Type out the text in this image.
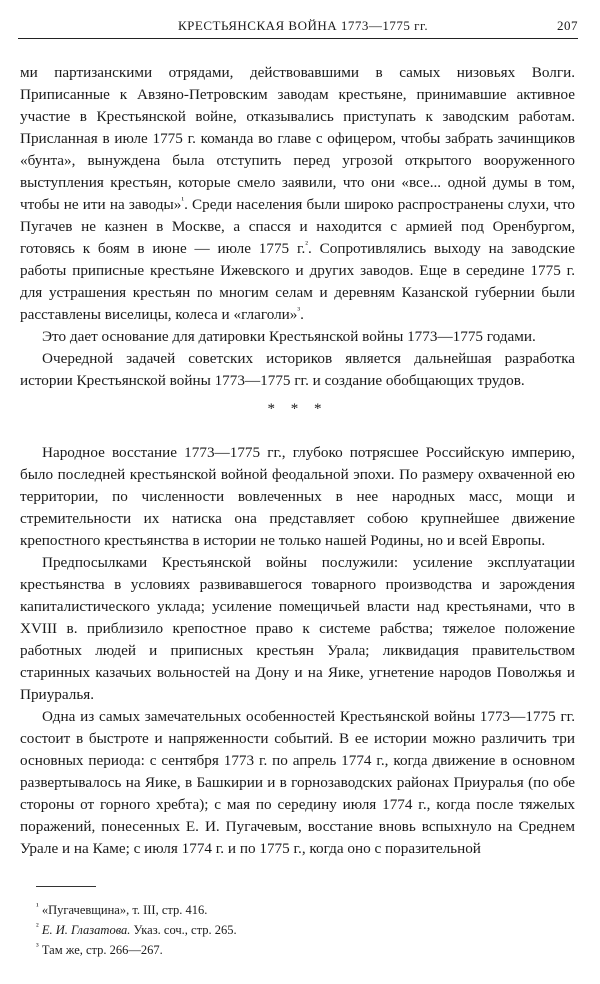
КРЕСТЬЯНСКАЯ ВОЙНА 1773—1775 гг.	207

ми партизанскими отрядами, действовавшими в самых низовьях Волги. Приписанные к Авзяно-Петровским заводам крестьяне, принимавшие активное участие в Крестьянской войне, отказывались приступать к заводским работам. Присланная в июле 1775 г. команда во главе с офицером, чтобы забрать зачинщиков «бунта», вынуждена была отступить перед угрозой открытого вооруженного выступления крестьян, которые смело заявили, что они «все... одной думы в том, чтобы не ити на заводы»$^{^1}$. Среди населения были широко распространены слухи, что Пугачев не казнен в Москве, а спасся и находится с армией под Оренбургом, готовясь к боям в июне — июле 1775 г.$^{^2}$. Сопротивлялись выходу на заводские работы приписные крестьяне Ижевского и других заводов. Еще в середине 1775 г. для устрашения крестьян по многим селам и деревням Казанской губернии были расставлены виселицы, колеса и «глаголи»$^{^3}$.

Это дает основание для датировки Крестьянской войны 1773—1775 годами.

Очередной задачей советских историков является дальнейшая разработка истории Крестьянской войны 1773—1775 гг. и создание обобщающих трудов.

* * *

Народное восстание 1773—1775 гг., глубоко потрясшее Российскую империю, было последней крестьянской войной феодальной эпохи. По размеру охваченной ею территории, по численности вовлеченных в нее народных масс, мощи и стремительности их натиска она представляет собою крупнейшее движение крепостного крестьянства в истории не только нашей Родины, но и всей Европы.

Предпосылками Крестьянской войны послужили: усиление эксплуатации крестьянства в условиях развивавшегося товарного производства и зарождения капиталистического уклада; усиление помещичьей власти над крестьянами, что в XVIII в. приблизило крепостное право к системе рабства; тяжелое положение работных людей и приписных крестьян Урала; ликвидация правительством старинных казачьих вольностей на Дону и на Яике, угнетение народов Поволжья и Приуралья.

Одна из самых замечательных особенностей Крестьянской войны 1773—1775 гг. состоит в быстроте и напряженности событий. В ее истории можно различить три основных периода: с сентября 1773 г. по апрель 1774 г., когда движение в основном развертывалось на Яике, в Башкирии и в горнозаводских районах Приуралья (по обе стороны от горного хребта); с мая по середину июля 1774 г., когда после тяжелых поражений, понесенных Е. И. Пугачевым, восстание вновь вспыхнуло на Среднем Урале и на Каме; с июля 1774 г. и по 1775 г., когда оно с поразительной

$^{^1}$ «Пугачевщина», т. III, стр. 416.
$^{^2}$ Е. И. Глазатова. Указ. соч., стр. 265.
$^{^3}$ Там же, стр. 266—267.
